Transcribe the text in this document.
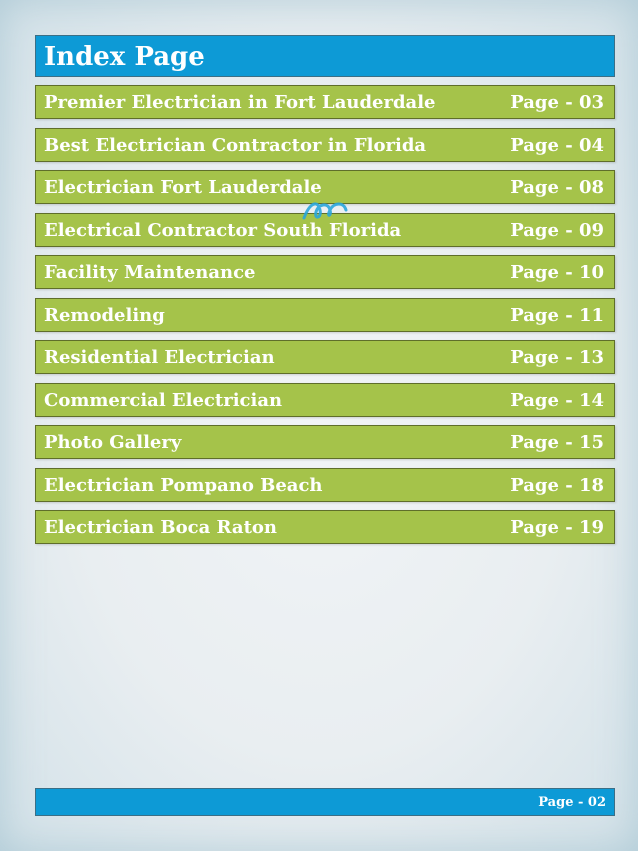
Index Page
Premier Electrician in Fort Lauderdale	Page - 03
Best Electrician Contractor in Florida	Page - 04
Electrician Fort Lauderdale	Page - 08
Electrical Contractor South Florida	Page - 09
Facility Maintenance	Page - 10
Remodeling	Page - 11
Residential Electrician	Page - 13
Commercial Electrician	Page - 14
Photo Gallery	Page - 15
Electrician Pompano Beach	Page - 18
Electrician Boca Raton	Page - 19
Page - 02
